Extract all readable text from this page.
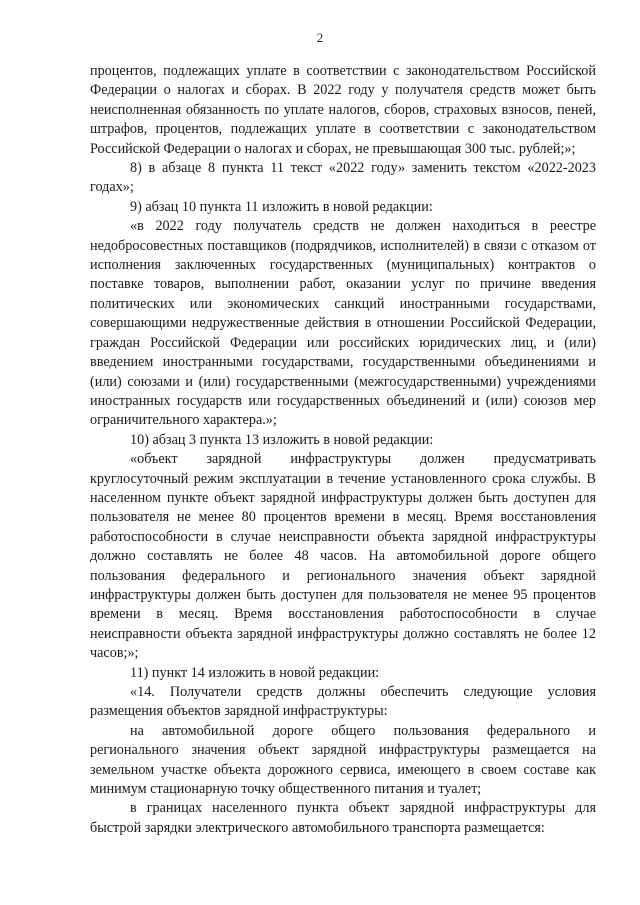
2

процентов, подлежащих уплате в соответствии с законодательством Российской Федерации о налогах и сборах. В 2022 году у получателя средств может быть неисполненная обязанность по уплате налогов, сборов, страховых взносов, пеней, штрафов, процентов, подлежащих уплате в соответствии с законодательством Российской Федерации о налогах и сборах, не превышающая 300 тыс. рублей;»;

8) в абзаце 8 пункта 11 текст «2022 году» заменить текстом «2022-2023 годах»;

9) абзац 10 пункта 11 изложить в новой редакции:

«в 2022 году получатель средств не должен находиться в реестре недобросовестных поставщиков (подрядчиков, исполнителей) в связи с отказом от исполнения заключенных государственных (муниципальных) контрактов о поставке товаров, выполнении работ, оказании услуг по причине введения политических или экономических санкций иностранными государствами, совершающими недружественные действия в отношении Российской Федерации, граждан Российской Федерации или российских юридических лиц, и (или) введением иностранными государствами, государственными объединениями и (или) союзами и (или) государственными (межгосударственными) учреждениями иностранных государств или государственных объединений и (или) союзов мер ограничительного характера.»;

10) абзац 3 пункта 13 изложить в новой редакции:

«объект зарядной инфраструктуры должен предусматривать круглосуточный режим эксплуатации в течение установленного срока службы. В населенном пункте объект зарядной инфраструктуры должен быть доступен для пользователя не менее 80 процентов времени в месяц. Время восстановления работоспособности в случае неисправности объекта зарядной инфраструктуры должно составлять не более 48 часов. На автомобильной дороге общего пользования федерального и регионального значения объект зарядной инфраструктуры должен быть доступен для пользователя не менее 95 процентов времени в месяц. Время восстановления работоспособности в случае неисправности объекта зарядной инфраструктуры должно составлять не более 12 часов;»;

11) пункт 14 изложить в новой редакции:

«14. Получатели средств должны обеспечить следующие условия размещения объектов зарядной инфраструктуры:

на автомобильной дороге общего пользования федерального и регионального значения объект зарядной инфраструктуры размещается на земельном участке объекта дорожного сервиса, имеющего в своем составе как минимум стационарную точку общественного питания и туалет;

в границах населенного пункта объект зарядной инфраструктуры для быстрой зарядки электрического автомобильного транспорта размещается:
